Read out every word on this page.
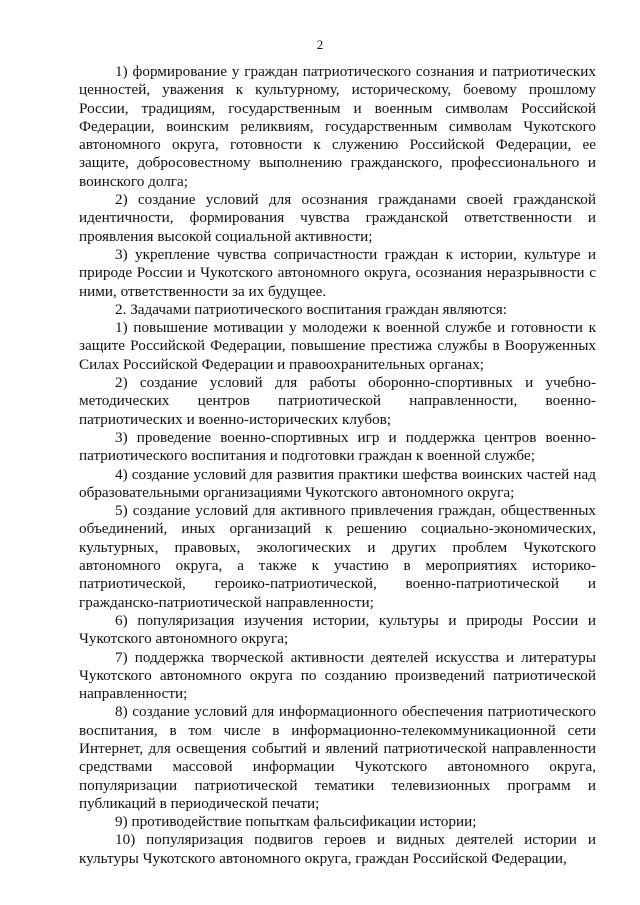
2

1) формирование у граждан патриотического сознания и патриотических ценностей, уважения к культурному, историческому, боевому прошлому России, традициям, государственным и военным символам Российской Федерации, воинским реликвиям, государственным символам Чукотского автономного округа, готовности к служению Российской Федерации, ее защите, добросовестному выполнению гражданского, профессионального и воинского долга;

2) создание условий для осознания гражданами своей гражданской идентичности, формирования чувства гражданской ответственности и проявления высокой социальной активности;

3) укрепление чувства сопричастности граждан к истории, культуре и природе России и Чукотского автономного округа, осознания неразрывности с ними, ответственности за их будущее.

2. Задачами патриотического воспитания граждан являются:

1) повышение мотивации у молодежи к военной службе и готовности к защите Российской Федерации, повышение престижа службы в Вооруженных Силах Российской Федерации и правоохранительных органах;

2) создание условий для работы оборонно-спортивных и учебно-методических центров патриотической направленности, военно-патриотических и военно-исторических клубов;

3) проведение военно-спортивных игр и поддержка центров военно-патриотического воспитания и подготовки граждан к военной службе;

4) создание условий для развития практики шефства воинских частей над образовательными организациями Чукотского автономного округа;

5) создание условий для активного привлечения граждан, общественных объединений, иных организаций к решению социально-экономических, культурных, правовых, экологических и других проблем Чукотского автономного округа, а также к участию в мероприятиях историко-патриотической, героико-патриотической, военно-патриотической и гражданско-патриотической направленности;

6) популяризация изучения истории, культуры и природы России и Чукотского автономного округа;

7) поддержка творческой активности деятелей искусства и литературы Чукотского автономного округа по созданию произведений патриотической направленности;

8) создание условий для информационного обеспечения патриотического воспитания, в том числе в информационно-телекоммуникационной сети Интернет, для освещения событий и явлений патриотической направленности средствами массовой информации Чукотского автономного округа, популяризации патриотической тематики телевизионных программ и публикаций в периодической печати;

9) противодействие попыткам фальсификации истории;

10) популяризация подвигов героев и видных деятелей истории и культуры Чукотского автономного округа, граждан Российской Федерации,
